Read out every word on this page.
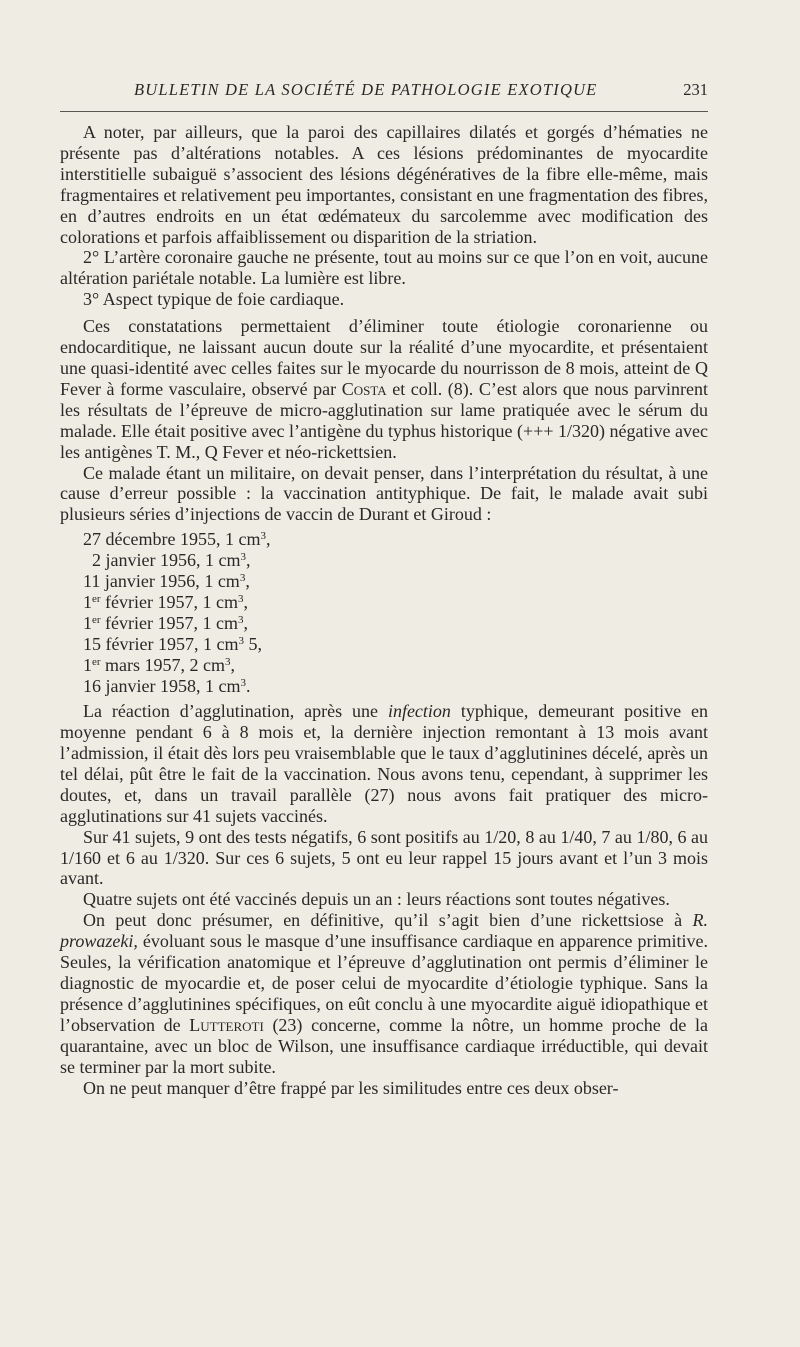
BULLETIN DE LA SOCIÉTÉ DE PATHOLOGIE EXOTIQUE	231

A noter, par ailleurs, que la paroi des capillaires dilatés et gorgés d’hématies ne présente pas d’altérations notables. A ces lésions prédominantes de myocardite interstitielle subaiguë s’associent des lésions dégénératives de la fibre elle-même, mais fragmentaires et relativement peu importantes, consistant en une fragmentation des fibres, en d’autres endroits en un état œdémateux du sarcolemme avec modification des colorations et parfois affaiblissement ou disparition de la striation.

2° L’artère coronaire gauche ne présente, tout au moins sur ce que l’on en voit, aucune altération pariétale notable. La lumière est libre.

3° Aspect typique de foie cardiaque.

Ces constatations permettaient d’éliminer toute étiologie coronarienne ou endocarditique, ne laissant aucun doute sur la réalité d’une myocardite, et présentaient une quasi-identité avec celles faites sur le myocarde du nourrisson de 8 mois, atteint de Q Fever à forme vasculaire, observé par Costa et coll. (8). C’est alors que nous parvinrent les résultats de l’épreuve de micro-agglutination sur lame pratiquée avec le sérum du malade. Elle était positive avec l’antigène du typhus historique (+++ 1/320) négative avec les antigènes T. M., Q Fever et néo-rickettsien.

Ce malade étant un militaire, on devait penser, dans l’interprétation du résultat, à une cause d’erreur possible : la vaccination antityphique. De fait, le malade avait subi plusieurs séries d’injections de vaccin de Durant et Giroud :

27 décembre 1955, 1 $cm^3$,
 2 janvier 1956, 1 $cm^3$,
11 janvier 1956, 1 $cm^3$,
1er février 1957, 1 $cm^3$,
1er février 1957, 1 $cm^3$,
15 février 1957, 1 $cm^3$ 5,
1er mars 1957, 2 $cm^3$,
16 janvier 1958, 1 $cm^3$.

La réaction d’agglutination, après une infection typhique, demeurant positive en moyenne pendant 6 à 8 mois et, la dernière injection remontant à 13 mois avant l’admission, il était dès lors peu vraisemblable que le taux d’agglutinines décelé, après un tel délai, pût être le fait de la vaccination. Nous avons tenu, cependant, à supprimer les doutes, et, dans un travail parallèle (27) nous avons fait pratiquer des micro-agglutinations sur 41 sujets vaccinés.

Sur 41 sujets, 9 ont des tests négatifs, 6 sont positifs au 1/20, 8 au 1/40, 7 au 1/80, 6 au 1/160 et 6 au 1/320. Sur ces 6 sujets, 5 ont eu leur rappel 15 jours avant et l’un 3 mois avant.

Quatre sujets ont été vaccinés depuis un an : leurs réactions sont toutes négatives.

On peut donc présumer, en définitive, qu’il s’agit bien d’une rickettsiose à R. prowazeki, évoluant sous le masque d’une insuffisance cardiaque en apparence primitive. Seules, la vérification anatomique et l’épreuve d’agglutination ont permis d’éliminer le diagnostic de myocardie et, de poser celui de myocardite d’étiologie typhique. Sans la présence d’agglutinines spécifiques, on eût conclu à une myocardite aiguë idiopathique et l’observation de Lutteroti (23) concerne, comme la nôtre, un homme proche de la quarantaine, avec un bloc de Wilson, une insuffisance cardiaque irréductible, qui devait se terminer par la mort subite.

On ne peut manquer d’être frappé par les similitudes entre ces deux obser-
